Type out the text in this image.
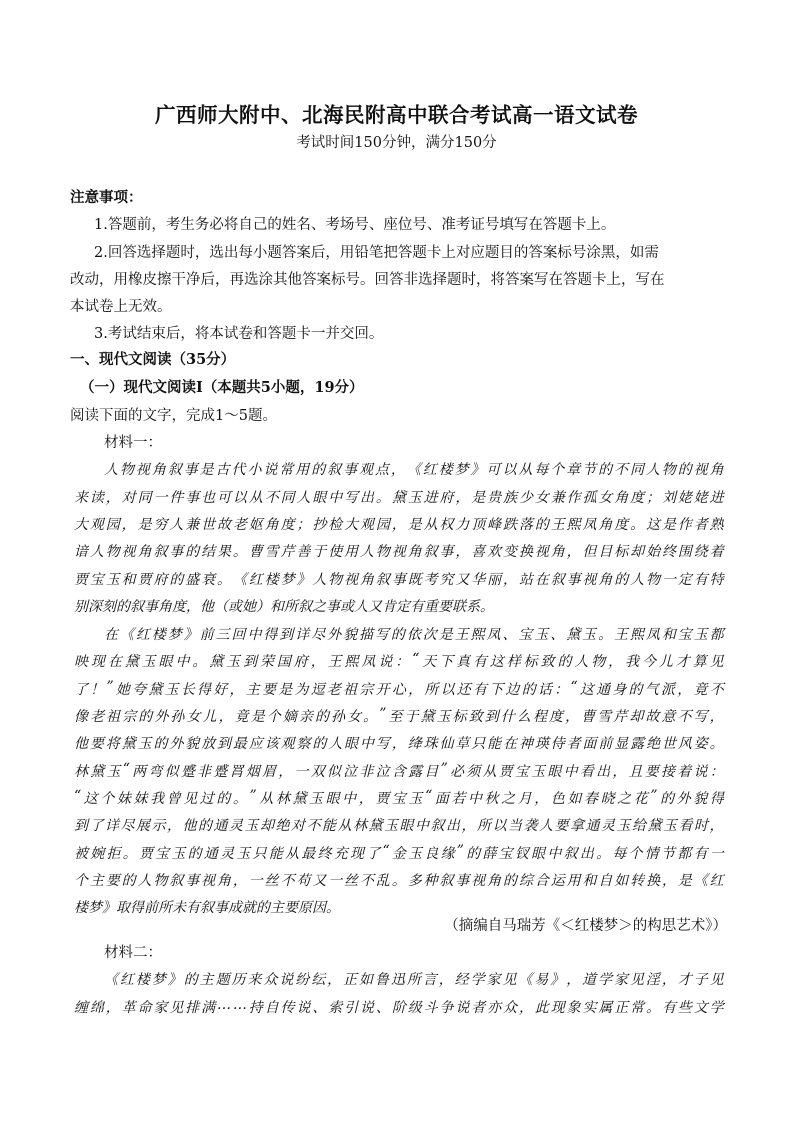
广西师大附中、北海民附高中联合考试高一语文试卷

考试时间150分钟，满分150分

注意事项：

1.答题前，考生务必将自己的姓名、考场号、座位号、准考证号填写在答题卡上。

2.回答选择题时，选出每小题答案后，用铅笔把答题卡上对应题目的答案标号涂黑，如需

改动，用橡皮擦干净后，再选涂其他答案标号。回答非选择题时，将答案写在答题卡上，写在

本试卷上无效。

3.考试结束后，将本试卷和答题卡一并交回。

一、现代文阅读（35分）

（一）现代文阅读Ⅰ（本题共5小题，19分）

阅读下面的文字，完成1～5题。

材料一：

人 物 视 角 叙 事 是 古 代 小 说 常 用 的 叙 事 观 点 ， 《 红 楼 梦 》 可 以 从 每 个 章 节 的 不 同 人 物 的 视 角

来 读 ， 对 同 一 件 事 也 可 以 从 不 同 人 眼 中 写 出 。 黛 玉 进 府 ， 是 贵 族 少 女 兼 作 孤 女 角 度 ； 刘 姥 姥 进

大 观 园 ， 是 穷 人 兼 世 故 老 妪 角 度 ； 抄 检 大 观 园 ， 是 从 权 力 顶 峰 跌 落 的 王 熙 凤 角 度 。 这 是 作 者 熟

谙 人 物 视 角 叙 事 的 结 果 。 曹 雪 芹 善 于 使 用 人 物 视 角 叙 事 ， 喜 欢 变 换 视 角 ， 但 目 标 却 始 终 围 绕 着

贾 宝 玉 和 贾 府 的 盛 衰 。 《 红 楼 梦 》 人 物 视 角 叙 事 既 考 究 又 华 丽 ， 站 在 叙 事 视 角 的 人 物 一 定 有 特

别深刻的叙事角度，他（或她）和所叙之事或人又肯定有重要联系。

在 《 红 楼 梦 》 前 三 回 中 得 到 详 尽 外 貌 描 写 的 依 次 是 王 熙 凤 、 宝 玉 、 黛 玉 。 王 熙 凤 和 宝 玉 都

映 现 在 黛 玉 眼 中 。 黛 玉 到 荣 国 府 ， 王 熙 凤 说 ： “ 天 下 真 有 这 样 标 致 的 人 物 ， 我 今 儿 才 算 见

了 ！ ” 她 夸 黛 玉 长 得 好 ， 主 要 是 为 逗 老 祖 宗 开 心 ， 所 以 还 有 下 边 的 话 ： “ 这 通 身 的 气 派 ， 竟 不

像 老 祖 宗 的 外 孙 女 儿 ， 竟 是 个 嫡 亲 的 孙 女 。 ” 至 于 黛 玉 标 致 到 什 么 程 度 ， 曹 雪 芹 却 故 意 不 写 ，

他 要 将 黛 玉 的 外 貌 放 到 最 应 该 观 察 的 人 眼 中 写 ， 绛 珠 仙 草 只 能 在 神 瑛 侍 者 面 前 显 露 绝 世 风 姿 。

林 黛 玉 “ 两 弯 似 蹙 非 蹙 罥 烟 眉 ， 一 双 似 泣 非 泣 含 露 目 ” 必 须 从 贾 宝 玉 眼 中 看 出 ， 且 要 接 着 说 ：

“ 这 个 妹 妹 我 曾 见 过 的 。 ” 从 林 黛 玉 眼 中 ， 贾 宝 玉 “ 面 若 中 秋 之 月 ， 色 如 春 晓 之 花 ” 的 外 貌 得

到 了 详 尽 展 示 ， 他 的 通 灵 玉 却 绝 对 不 能 从 林 黛 玉 眼 中 叙 出 ， 所 以 当 袭 人 要 拿 通 灵 玉 给 黛 玉 看 时 ，

被 婉 拒 。 贾 宝 玉 的 通 灵 玉 只 能 从 最 终 充 现 了 “ 金 玉 良 缘 ” 的 薛 宝 钗 眼 中 叙 出 。 每 个 情 节 都 有 一

个 主 要 的 人 物 叙 事 视 角 ， 一 丝 不 苟 又 一 丝 不 乱 。 多 种 叙 事 视 角 的 综 合 运 用 和 自 如 转 换 ， 是 《 红

楼梦》取得前所未有叙事成就的主要原因。

（摘编自马瑞芳《＜红楼梦＞的构思艺术》）

材料二：

《 红 楼 梦 》 的 主 题 历 来 众 说 纷 纭 ， 正 如 鲁 迅 所 言 ， 经 学 家 见 《 易 》 ， 道 学 家 见 淫 ， 才 子 见

缠 绵 ， 革 命 家 见 排 满 … … 持 自 传 说 、 索 引 说 、 阶 级 斗 争 说 者 亦 众 ， 此 现 象 实 属 正 常 。 有 些 文 学
